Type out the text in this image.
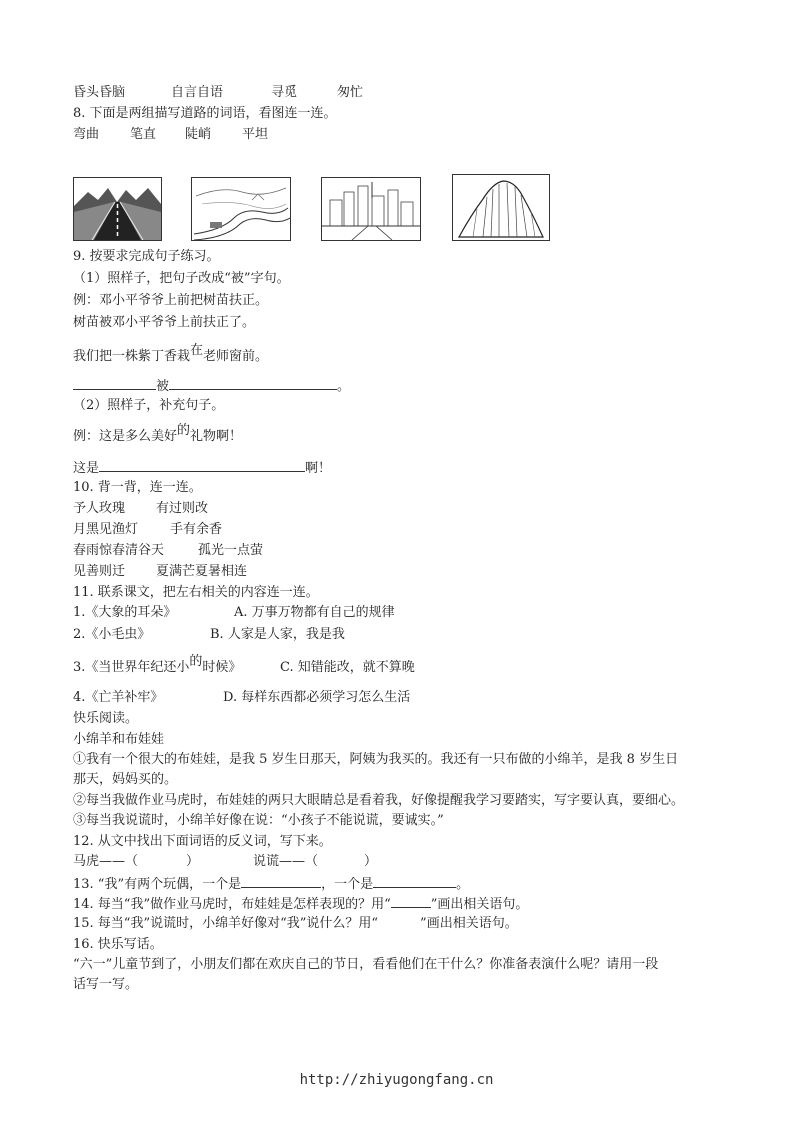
昏头昏脑	自言自语	寻觅	匆忙
8. 下面是两组描写道路的词语，看图连一连。
弯曲 笔直 陡峭 平坦
9. 按要求完成句子练习。
（1）照样子，把句子改成“被”字句。
例：邓小平爷爷上前把树苗扶正。
树苗被邓小平爷爷上前扶正了。
我们把一株紫丁香栽在老师窗前。
被	。
（2）照样子，补充句子。
例：这是多么美好的礼物啊！
这是	啊！
10. 背一背，连一连。
予人玫瑰 有过则改
月黑见渔灯 手有余香
春雨惊春清谷天	孤光一点萤
见善则迁 夏满芒夏暑相连
11. 联系课文，把左右相关的内容连一连。
1.《大象的耳朵》	A. 万事万物都有自己的规律
2.《小毛虫》	B. 人家是人家，我是我
3.《当世界年纪还小的时候》	C. 知错能改，就不算晚
4.《亡羊补牢》	D. 每样东西都必须学习怎么生活
快乐阅读。
小绵羊和布娃娃
①我有一个很大的布娃娃，是我 5 岁生日那天，阿姨为我买的。我还有一只布做的小绵羊，是我 8 岁生日
那天，妈妈买的。
②每当我做作业马虎时，布娃娃的两只大眼睛总是看着我，好像提醒我学习要踏实，写字要认真，要细心。
③每当我说谎时，小绵羊好像在说：“小孩子不能说谎，要诚实。”
12. 从文中找出下面词语的反义词，写下来。
马虎——（	）	说谎——（	）
13. “我”有两个玩偶，一个是	，一个是	。
14. 每当“我”做作业马虎时，布娃娃是怎样表现的？用“	”画出相关语句。
15. 每当“我”说谎时，小绵羊好像对“我”说什么？用“	”画出相关语句。
16. 快乐写话。
“六一”儿童节到了，小朋友们都在欢庆自己的节日，看看他们在干什么？你准备表演什么呢？请用一段
话写一写。
http://zhiyugongfang.cn
